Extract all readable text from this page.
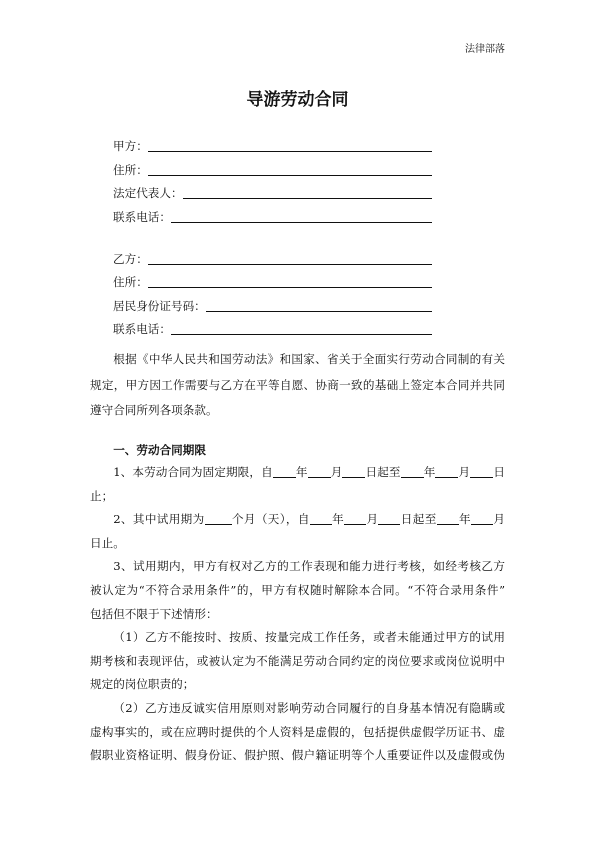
法律部落
导游劳动合同
甲方：
住所：
法定代表人：
联系电话：
乙方：
住所：
居民身份证号码：
联系电话：
根据《中华人民共和国劳动法》和国家、省关于全面实行劳动合同制的有关
规定，甲方因工作需要与乙方在平等自愿、协商一致的基础上签定本合同并共同
遵守合同所列各项条款。
一、劳动合同期限
1、本劳动合同为固定期限，自 年 月 日起至 年 月 日
止；
2、其中试用期为 个月（天），自 年 月 日起至 年 月
日止。
3、试用期内，甲方有权对乙方的工作表现和能力进行考核，如经考核乙方
被认定为“不符合录用条件”的，甲方有权随时解除本合同。“不符合录用条件”
包括但不限于下述情形：
（1）乙方不能按时、按质、按量完成工作任务，或者未能通过甲方的试用
期考核和表现评估，或被认定为不能满足劳动合同约定的岗位要求或岗位说明中
规定的岗位职责的；
（2）乙方违反诚实信用原则对影响劳动合同履行的自身基本情况有隐瞒或
虚构事实的，或在应聘时提供的个人资料是虚假的，包括提供虚假学历证书、虚
假职业资格证明、假身份证、假护照、假户籍证明等个人重要证件以及虚假或伪
